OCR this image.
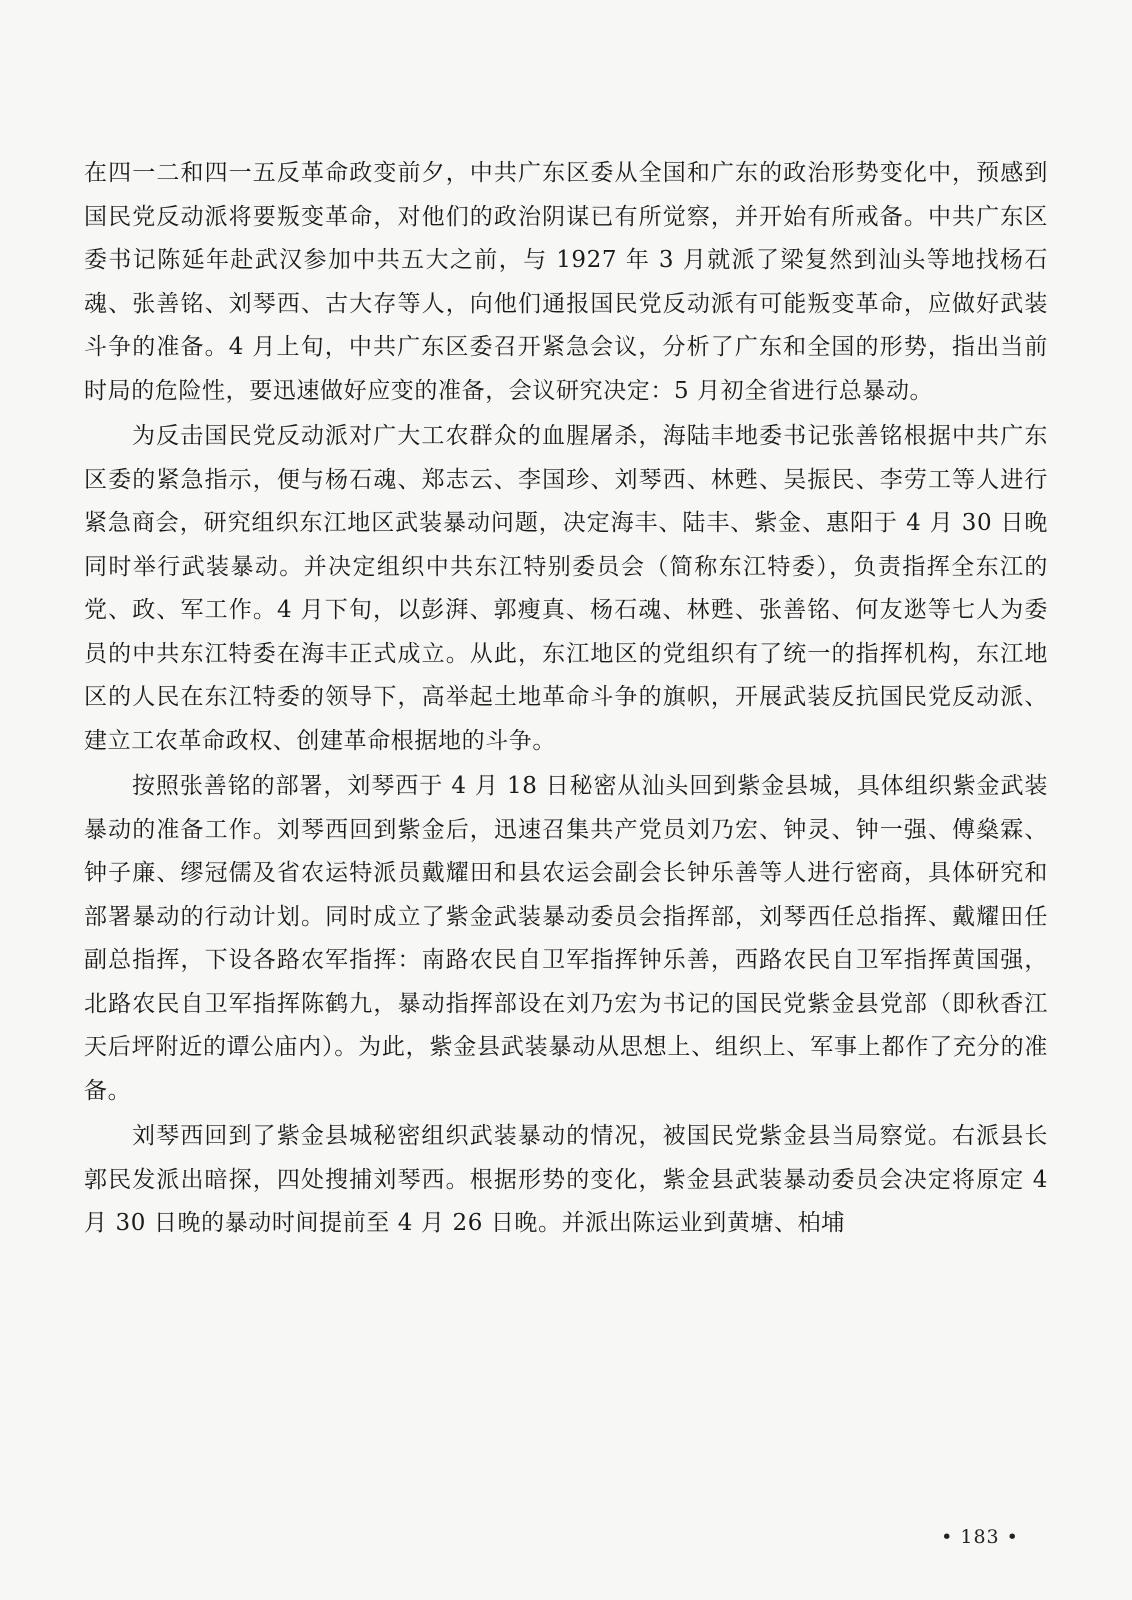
在四一二和四一五反革命政变前夕，中共广东区委从全国和广东的政治形势变化中，预感到国民党反动派将要叛变革命，对他们的政治阴谋已有所觉察，并开始有所戒备。中共广东区委书记陈延年赴武汉参加中共五大之前，与 1927 年 3 月就派了梁复然到汕头等地找杨石魂、张善铭、刘琴西、古大存等人，向他们通报国民党反动派有可能叛变革命，应做好武装斗争的准备。4 月上旬，中共广东区委召开紧急会议，分析了广东和全国的形势，指出当前时局的危险性，要迅速做好应变的准备，会议研究决定：5 月初全省进行总暴动。

为反击国民党反动派对广大工农群众的血腥屠杀，海陆丰地委书记张善铭根据中共广东区委的紧急指示，便与杨石魂、郑志云、李国珍、刘琴西、林甦、吴振民、李劳工等人进行紧急商会，研究组织东江地区武装暴动问题，决定海丰、陆丰、紫金、惠阳于 4 月 30 日晚同时举行武装暴动。并决定组织中共东江特别委员会（简称东江特委），负责指挥全东江的党、政、军工作。4 月下旬，以彭湃、郭瘦真、杨石魂、林甦、张善铭、何友逖等七人为委员的中共东江特委在海丰正式成立。从此，东江地区的党组织有了统一的指挥机构，东江地区的人民在东江特委的领导下，高举起土地革命斗争的旗帜，开展武装反抗国民党反动派、建立工农革命政权、创建革命根据地的斗争。

按照张善铭的部署，刘琴西于 4 月 18 日秘密从汕头回到紫金县城，具体组织紫金武装暴动的准备工作。刘琴西回到紫金后，迅速召集共产党员刘乃宏、钟灵、钟一强、傅燊霖、钟子廉、缪冠儒及省农运特派员戴耀田和县农运会副会长钟乐善等人进行密商，具体研究和部署暴动的行动计划。同时成立了紫金武装暴动委员会指挥部，刘琴西任总指挥、戴耀田任副总指挥，下设各路农军指挥：南路农民自卫军指挥钟乐善，西路农民自卫军指挥黄国强，北路农民自卫军指挥陈鹤九，暴动指挥部设在刘乃宏为书记的国民党紫金县党部（即秋香江天后坪附近的谭公庙内）。为此，紫金县武装暴动从思想上、组织上、军事上都作了充分的准备。

刘琴西回到了紫金县城秘密组织武装暴动的情况，被国民党紫金县当局察觉。右派县长郭民发派出暗探，四处搜捕刘琴西。根据形势的变化，紫金县武装暴动委员会决定将原定 4 月 30 日晚的暴动时间提前至 4 月 26 日晚。并派出陈运业到黄塘、柏埔

• 183 •
